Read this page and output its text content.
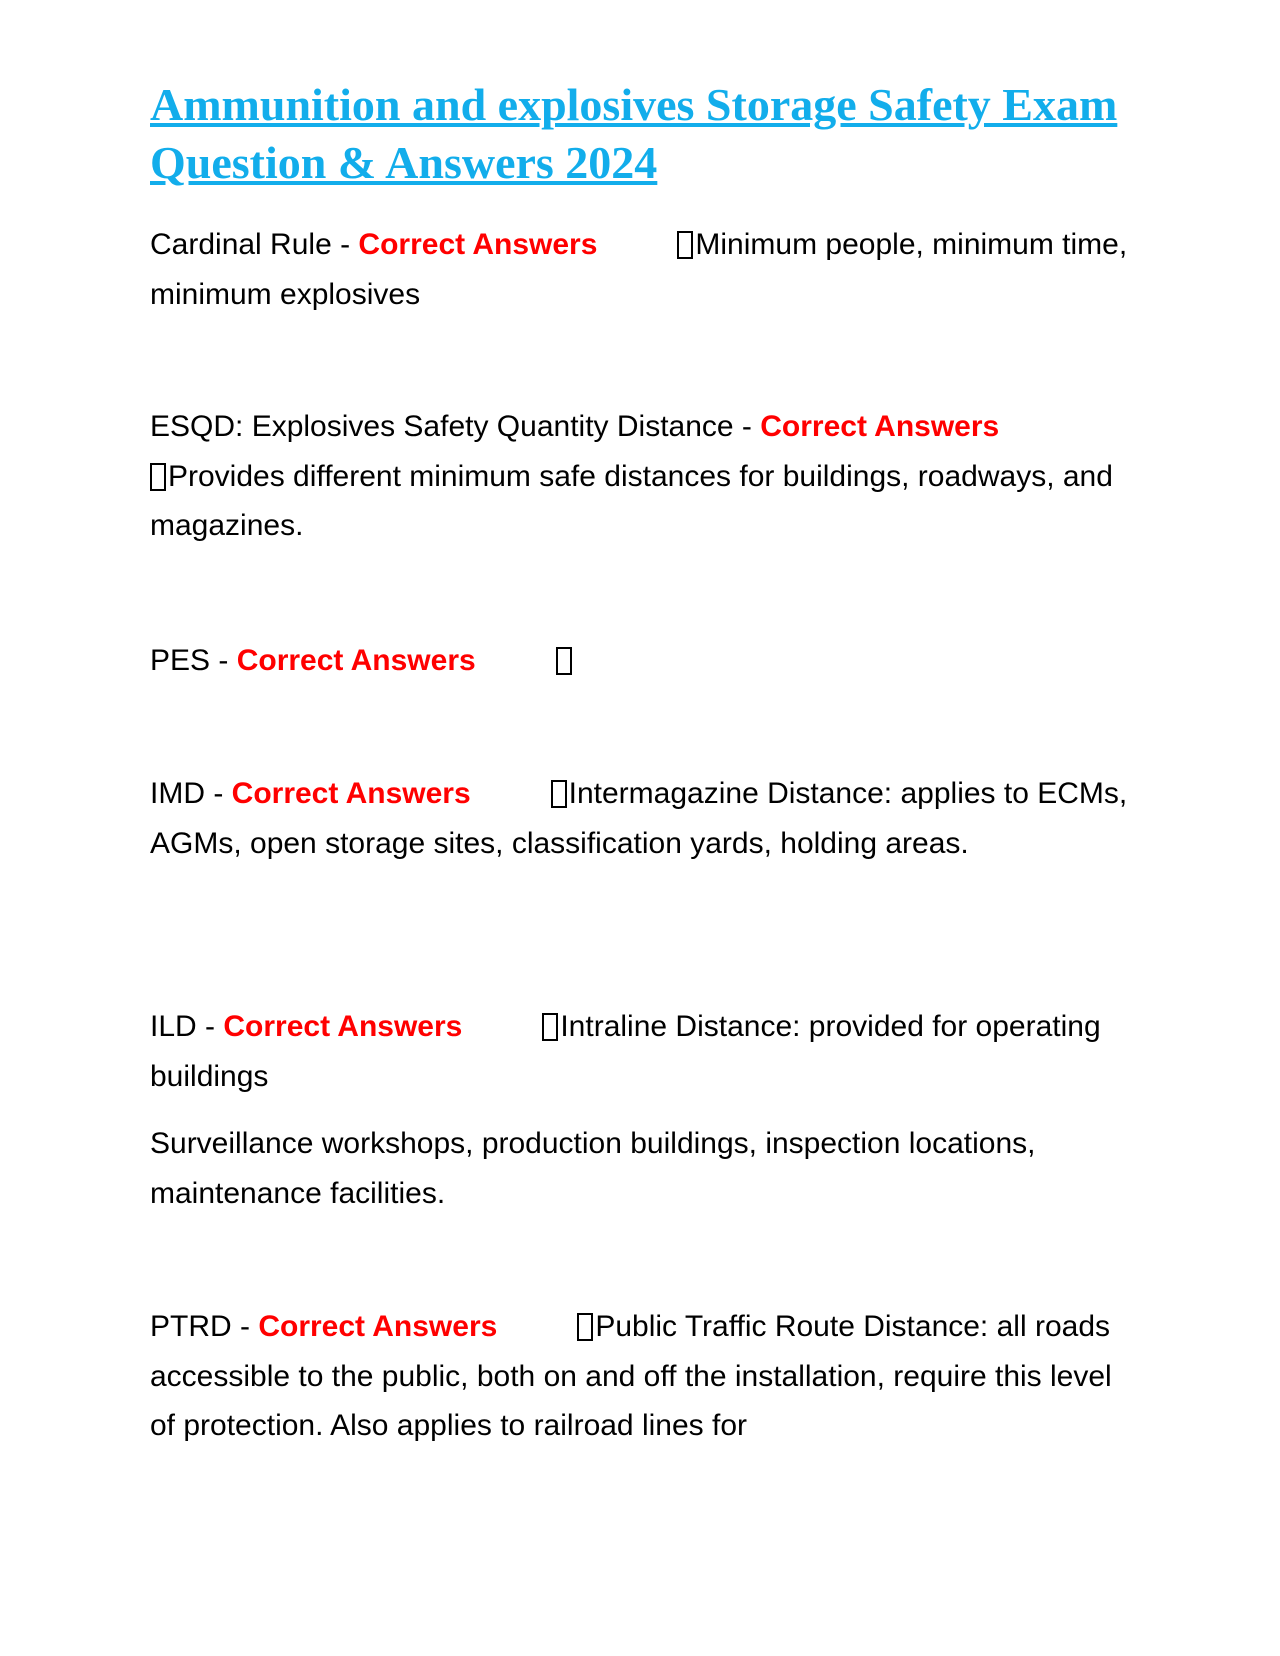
Ammunition and explosives Storage Safety Exam Question & Answers 2024
Cardinal Rule - Correct Answers	Minimum people, minimum time, minimum explosives
ESQD: Explosives Safety Quantity Distance - Correct Answers
Provides different minimum safe distances for buildings, roadways, and magazines.
PES - Correct Answers
IMD - Correct Answers	Intermagazine Distance: applies to ECMs, AGMs, open storage sites, classification yards, holding areas.
ILD - Correct Answers	Intraline Distance: provided for operating buildings
Surveillance workshops, production buildings, inspection locations, maintenance facilities.
PTRD - Correct Answers	Public Traffic Route Distance: all roads accessible to the public, both on and off the installation, require this level of protection. Also applies to railroad lines for
